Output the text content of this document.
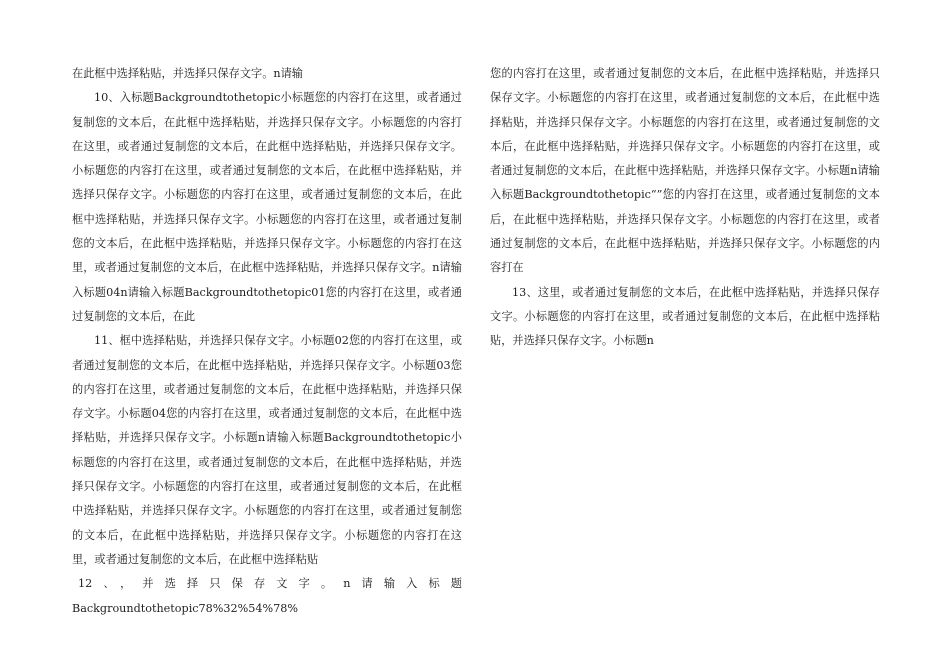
在此框中选择粘贴，并选择只保存文字。n请输

10、入标题Backgroundtothetopic小标题您的内容打在这里，或者通过复制您的文本后，在此框中选择粘贴，并选择只保存文字。小标题您的内容打在这里，或者通过复制您的文本后，在此框中选择粘贴，并选择只保存文字。小标题您的内容打在这里，或者通过复制您的文本后，在此框中选择粘贴，并选择只保存文字。小标题您的内容打在这里，或者通过复制您的文本后，在此框中选择粘贴，并选择只保存文字。小标题您的内容打在这里，或者通过复制您的文本后，在此框中选择粘贴，并选择只保存文字。小标题您的内容打在这里，或者通过复制您的文本后，在此框中选择粘贴，并选择只保存文字。n请输入标题04n请输入标题Backgroundtothetopic01您的内容打在这里，或者通过复制您的文本后，在此

11、框中选择粘贴，并选择只保存文字。小标题02您的内容打在这里，或者通过复制您的文本后，在此框中选择粘贴，并选择只保存文字。小标题03您的内容打在这里，或者通过复制您的文本后，在此框中选择粘贴，并选择只保存文字。小标题04您的内容打在这里，或者通过复制您的文本后，在此框中选择粘贴，并选择只保存文字。小标题n请输入标题Backgroundtothetopic小标题您的内容打在这里，或者通过复制您的文本后，在此框中选择粘贴，并选择只保存文字。小标题您的内容打在这里，或者通过复制您的文本后，在此框中选择粘贴，并选择只保存文字。小标题您的内容打在这里，或者通过复制您的文本后，在此框中选择粘贴，并选择只保存文字。小标题您的内容打在这里，或者通过复制您的文本后，在此框中选择粘贴

12、，并选择只保存文字。n请输入标题Backgroundtothetopic78%32%54%78%

您的内容打在这里，或者通过复制您的文本后，在此框中选择粘贴，并选择只保存文字。小标题您的内容打在这里，或者通过复制您的文本后，在此框中选择粘贴，并选择只保存文字。小标题您的内容打在这里，或者通过复制您的文本后，在此框中选择粘贴，并选择只保存文字。小标题您的内容打在这里，或者通过复制您的文本后，在此框中选择粘贴，并选择只保存文字。小标题n请输入标题Backgroundtothetopic“”您的内容打在这里，或者通过复制您的文本后，在此框中选择粘贴，并选择只保存文字。小标题您的内容打在这里，或者通过复制您的文本后，在此框中选择粘贴，并选择只保存文字。小标题您的内容打在

13、这里，或者通过复制您的文本后，在此框中选择粘贴，并选择只保存文字。小标题您的内容打在这里，或者通过复制您的文本后，在此框中选择粘贴，并选择只保存文字。小标题n
